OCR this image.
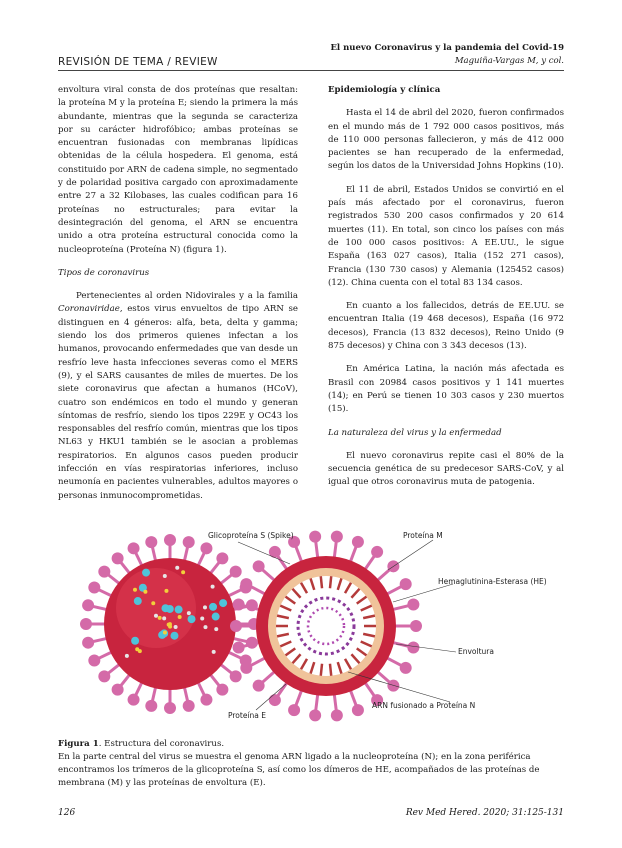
REVISIÓN DE TEMA / REVIEW
El nuevo Coronavirus y la pandemia del Covid-19
Maguiña-Vargas M, y col.

envoltura viral consta de dos proteínas que resaltan: la proteína M y la proteína E; siendo la primera la más abundante, mientras que la segunda se caracteriza por su carácter hidrofóbico; ambas proteínas se encuentran fusionadas con membranas lipídicas obtenidas de la célula hospedera. El genoma, está constituido por ARN de cadena simple, no segmentado y de polaridad positiva cargado con aproximadamente entre 27 a 32 Kilobases, las cuales codifican para 16 proteínas no estructurales; para evitar la desintegración del genoma, el ARN se encuentra unido a otra proteína estructural conocida como la nucleoproteína (Proteína N) (figura 1).

Tipos de coronavirus

Pertenecientes al orden Nidovirales y a la familia Coronaviridae, estos virus envueltos de tipo ARN se distinguen en 4 géneros: alfa, beta, delta y gamma; siendo los dos primeros quienes infectan a los humanos, provocando enfermedades que van desde un resfrío leve hasta infecciones severas como el MERS (9), y el SARS causantes de miles de muertes. De los siete coronavirus que afectan a humanos (HCoV), cuatro son endémicos en todo el mundo y generan síntomas de resfrío, siendo los tipos 229E y OC43 los responsables del resfrío común, mientras que los tipos NL63 y HKU1 también se le asocian a problemas respiratorios. En algunos casos pueden producir infección en vías respiratorias inferiores, incluso neumonía en pacientes vulnerables, adultos mayores o personas inmunocomprometidas.

Epidemiología y clínica

Hasta el 14 de abril del 2020, fueron confirmados en el mundo más de 1 792 000 casos positivos, más de 110 000 personas fallecieron, y más de 412 000 pacientes se han recuperado de la enfermedad, según los datos de la Universidad Johns Hopkins (10).

El 11 de abril, Estados Unidos se convirtió en el país más afectado por el coronavirus, fueron registrados 530 200 casos confirmados y 20 614 muertes (11). En total, son cinco los países con más de 100 000 casos positivos: A EE.UU., le sigue España (163 027 casos), Italia (152 271 casos), Francia (130 730 casos) y Alemania (125452 casos) (12). China cuenta con el total 83 134 casos.

En cuanto a los fallecidos, detrás de EE.UU. se encuentran Italia (19 468 decesos), España (16 972 decesos), Francia (13 832 decesos), Reino Unido (9 875 decesos) y China con 3 343 decesos (13).

En América Latina, la nación más afectada es Brasil con 20984 casos positivos y 1 141 muertes (14); en Perú se tienen 10 303 casos y 230 muertos (15).

La naturaleza del virus y la enfermedad

El nuevo coronavirus repite casi el 80% de la secuencia genética de su predecesor SARS-CoV, y al igual que otros coronavirus muta de patogenia.

Glicoproteína S (Spike)	Proteína M
Hemaglutinina-Esterasa (HE)
Envoltura
ARN fusionado a Proteína N
Proteína E
Figura 1. Estructura del coronavirus.
En la parte central del virus se muestra el genoma ARN ligado a la nucleoproteína (N); en la zona periférica encontramos los trímeros de la glicoproteína S, así como los dímeros de HE, acompañados de las proteínas de membrana (M) y las proteínas de envoltura (E).
126	Rev Med Hered. 2020; 31:125-131
